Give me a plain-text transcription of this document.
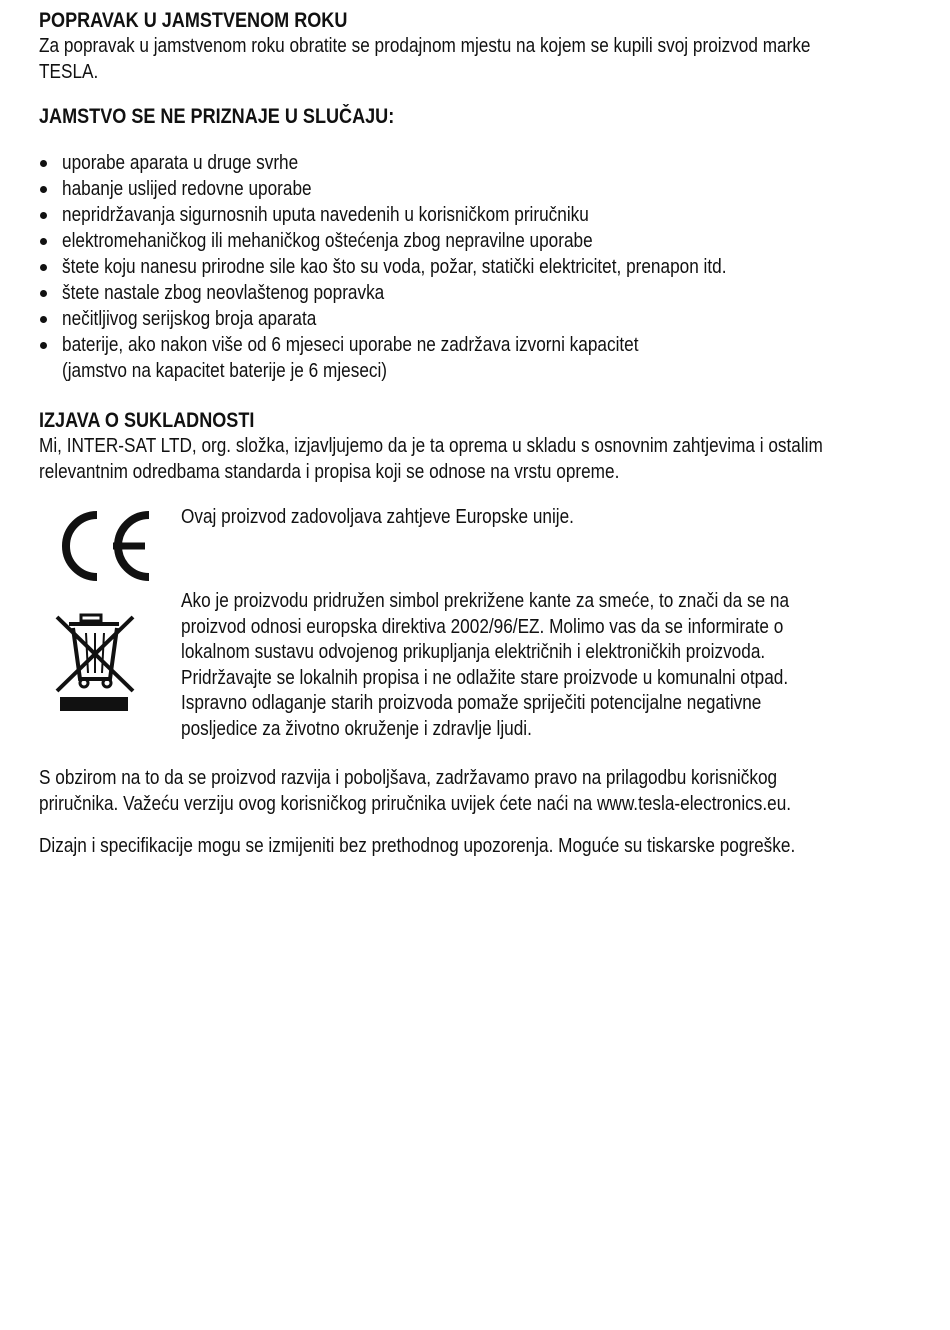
POPRAVAK U JAMSTVENOM ROKU
Za popravak u jamstvenom roku obratite se prodajnom mjestu na kojem se kupili svoj proizvod marke
TESLA.
JAMSTVO SE NE PRIZNAJE U SLUČAJU:
uporabe aparata u druge svrhe
habanje uslijed redovne uporabe
nepridržavanja sigurnosnih uputa navedenih u korisničkom priručniku
elektromehaničkog ili mehaničkog oštećenja zbog nepravilne uporabe
štete koju nanesu prirodne sile kao što su voda, požar, statički elektricitet, prenapon itd.
štete nastale zbog neovlaštenog popravka
nečitljivog serijskog broja aparata
baterije, ako nakon više od 6 mjeseci uporabe ne zadržava izvorni kapacitet
(jamstvo na kapacitet baterije je 6 mjeseci)
IZJAVA O SUKLADNOSTI
Mi, INTER-SAT LTD, org. složka, izjavljujemo da je ta oprema u skladu s osnovnim zahtjevima i ostalim
relevantnim odredbama standarda i propisa koji se odnose na vrstu opreme.
Ovaj proizvod zadovoljava zahtjeve Europske unije.
Ako je proizvodu pridružen simbol prekrižene kante za smeće, to znači da se na
proizvod odnosi europska direktiva 2002/96/EZ. Molimo vas da se informirate o
lokalnom sustavu odvojenog prikupljanja električnih i elektroničkih proizvoda.
Pridržavajte se lokalnih propisa i ne odlažite stare proizvode u komunalni otpad.
Ispravno odlaganje starih proizvoda pomaže spriječiti potencijalne negativne
posljedice za životno okruženje i zdravlje ljudi.
S obzirom na to da se proizvod razvija i poboljšava, zadržavamo pravo na prilagodbu korisničkog
priručnika. Važeću verziju ovog korisničkog priručnika uvijek ćete naći na www.tesla-electronics.eu.
Dizajn i specifikacije mogu se izmijeniti bez prethodnog upozorenja. Moguće su tiskarske pogreške.
